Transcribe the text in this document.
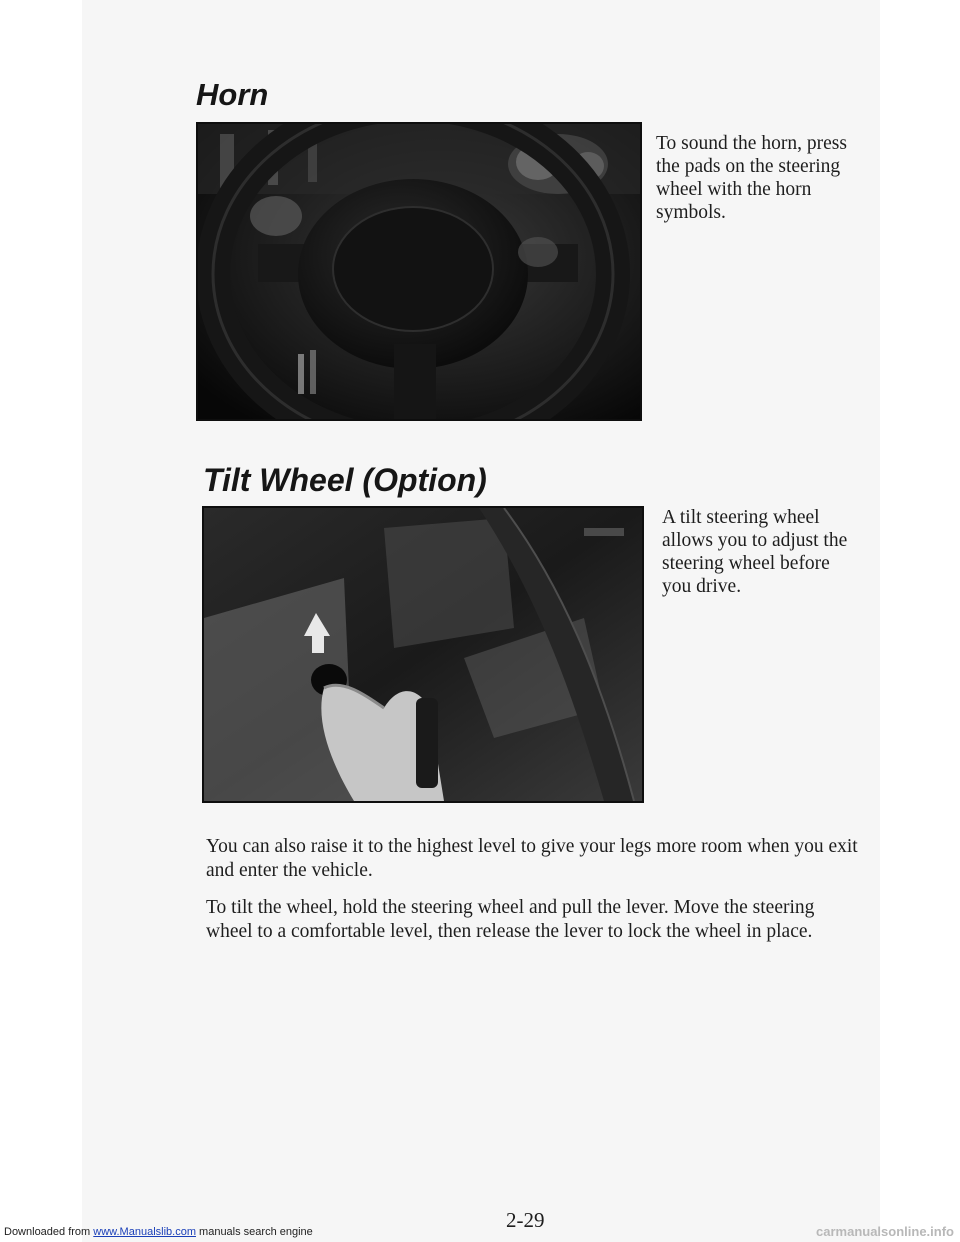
Horn

To sound the horn, press the pads on the steering wheel with the horn symbols.

Tilt Wheel (Option)

A tilt steering wheel allows you to adjust the steering wheel before you drive.

You can also raise it to the highest level to give your legs more room when you exit and enter the vehicle.

To tilt the wheel, hold the steering wheel and pull the lever. Move the steering wheel to a comfortable level, then release the lever to lock the wheel in place.

2-29

Downloaded from www.Manualslib.com manuals search engine	carmanualsonline.info
